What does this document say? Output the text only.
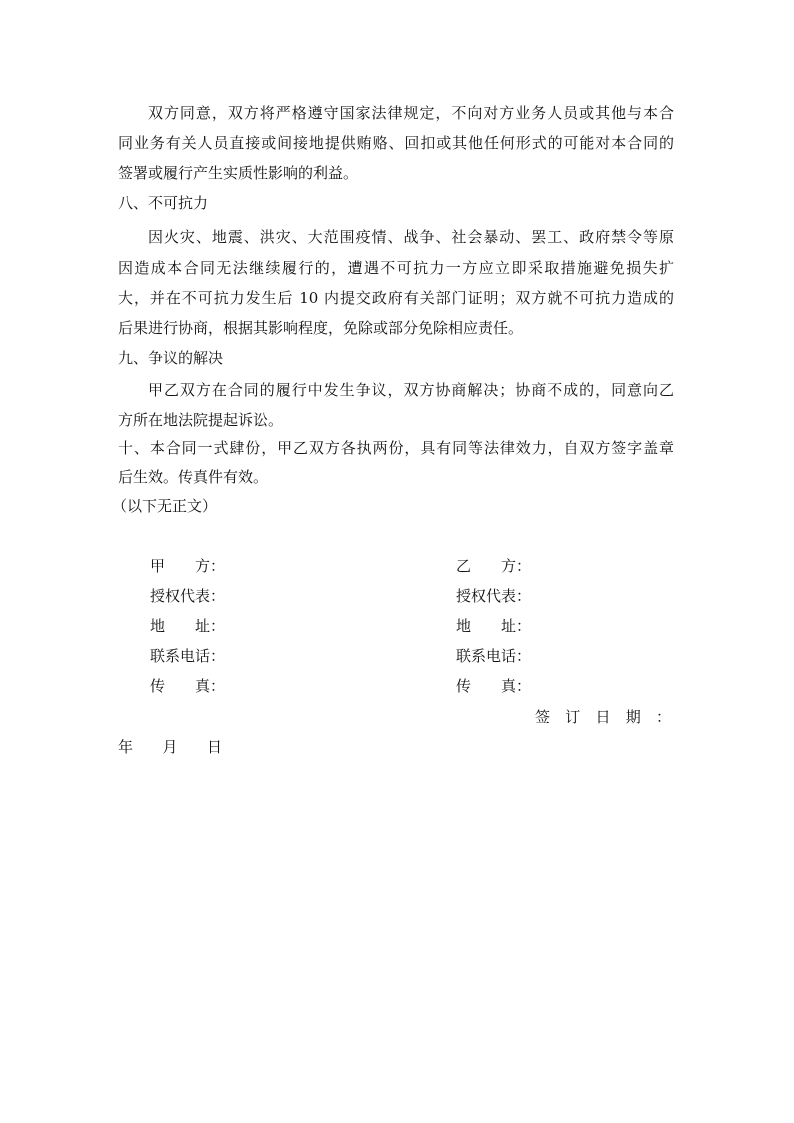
双方同意，双方将严格遵守国家法律规定，不向对方业务人员或其他与本合
同业务有关人员直接或间接地提供贿赂、回扣或其他任何形式的可能对本合同的
签署或履行产生实质性影响的利益。
八、不可抗力
因火灾、地震、洪灾、大范围疫情、战争、社会暴动、罢工、政府禁令等原
因造成本合同无法继续履行的，遭遇不可抗力一方应立即采取措施避免损失扩
大，并在不可抗力发生后 10 内提交政府有关部门证明；双方就不可抗力造成的
后果进行协商，根据其影响程度，免除或部分免除相应责任。
九、争议的解决
甲乙双方在合同的履行中发生争议，双方协商解决；协商不成的，同意向乙
方所在地法院提起诉讼。
十、本合同一式肆份，甲乙双方各执两份，具有同等法律效力，自双方签字盖章
后生效。传真件有效。
（以下无正文）
甲　　方：
授权代表：
地　　址：
联系电话：
传　　真：
乙　　方：
授权代表：
地　　址：
联系电话：
传　　真：
签订日期：
年月日
